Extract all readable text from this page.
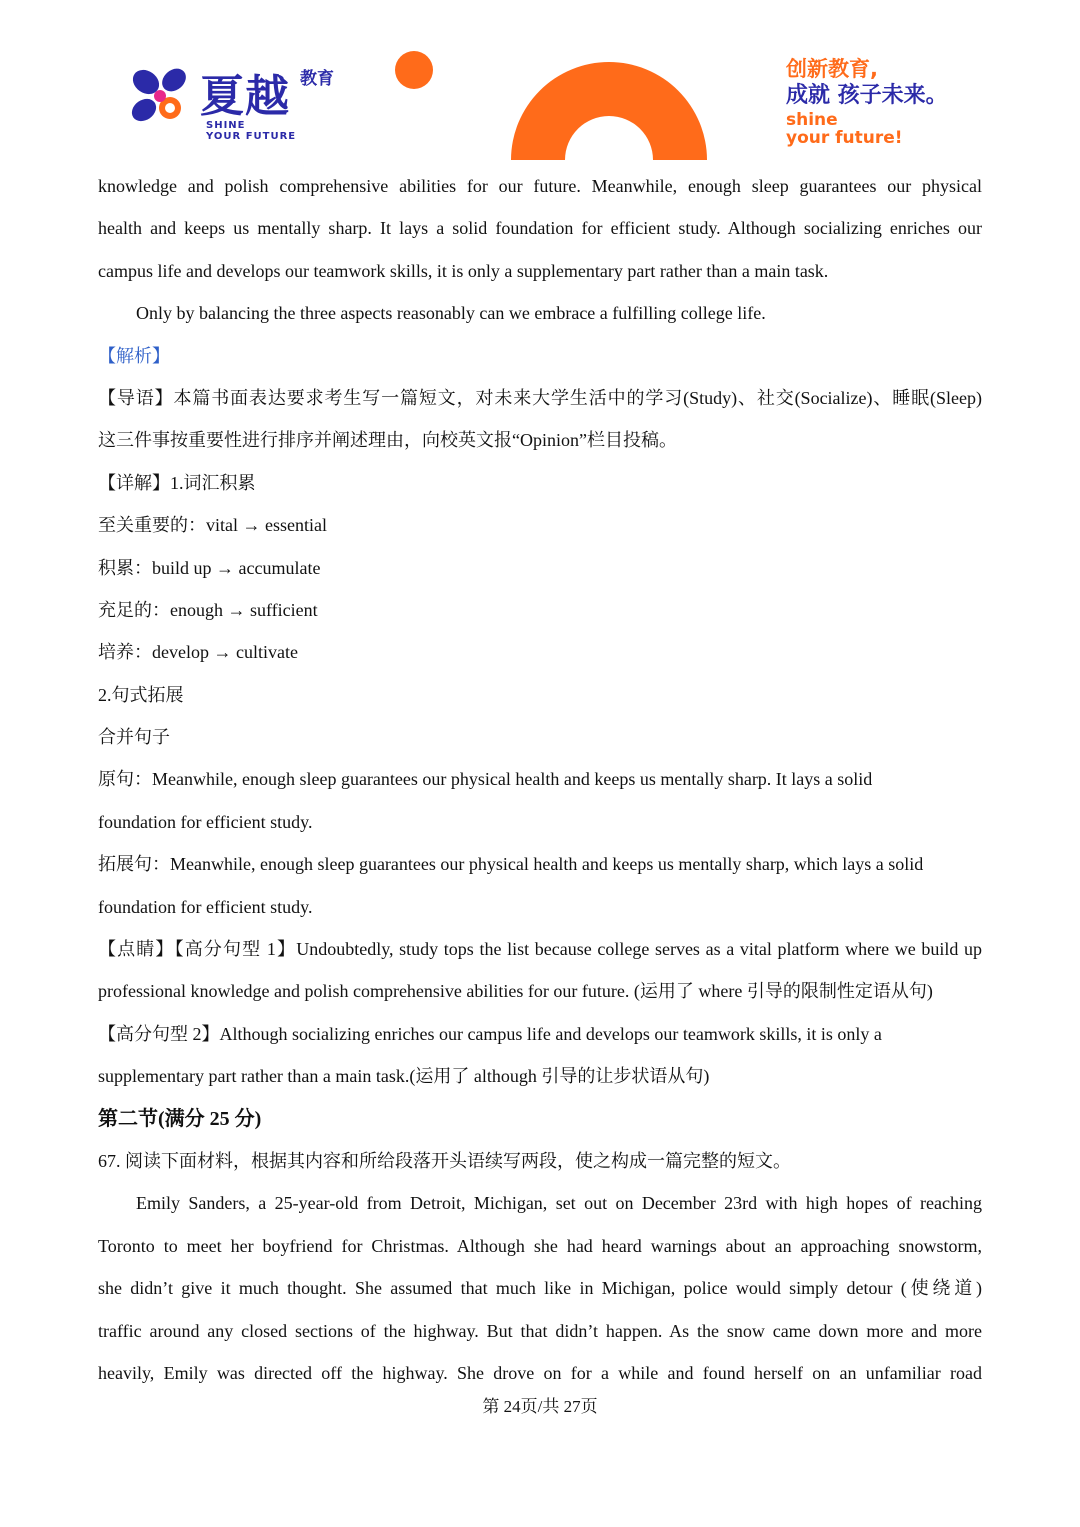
夏越 教育
SHINE
YOUR FUTURE
创新教育,
成就 孩子未来。
shine
your future!
knowledge and polish comprehensive abilities for our future. Meanwhile, enough sleep guarantees our physical
health and keeps us mentally sharp. It lays a solid foundation for efficient study. Although socializing enriches our
campus life and develops our teamwork skills, it is only a supplementary part rather than a main task.
Only by balancing the three aspects reasonably can we embrace a fulfilling college life.
【解析】
【导语】本篇书面表达要求考生写一篇短文，对未来大学生活中的学习(Study)、社交(Socialize)、睡眠(Sleep)
这三件事按重要性进行排序并阐述理由，向校英文报“Opinion”栏目投稿。
【详解】1.词汇积累
至关重要的：vital → essential
积累：build up → accumulate
充足的：enough → sufficient
培养：develop → cultivate
2.句式拓展
合并句子
原句：Meanwhile, enough sleep guarantees our physical health and keeps us mentally sharp. It lays a solid
foundation for efficient study.
拓展句：Meanwhile, enough sleep guarantees our physical health and keeps us mentally sharp, which lays a solid
foundation for efficient study.
【点睛】【高分句型 1】Undoubtedly, study tops the list because college serves as a vital platform where we build up
professional knowledge and polish comprehensive abilities for our future. (运用了 where 引导的限制性定语从句)
【高分句型 2】Although socializing enriches our campus life and develops our teamwork skills, it is only a
supplementary part rather than a main task.(运用了 although 引导的让步状语从句)
第二节(满分 25 分)
67. 阅读下面材料，根据其内容和所给段落开头语续写两段，使之构成一篇完整的短文。
Emily Sanders, a 25-year-old from Detroit, Michigan, set out on December 23rd with high hopes of reaching
Toronto to meet her boyfriend for Christmas. Although she had heard warnings about an approaching snowstorm,
she didn’t give it much thought. She assumed that much like in Michigan, police would simply detour (使绕道)
traffic around any closed sections of the highway. But that didn’t happen. As the snow came down more and more
heavily, Emily was directed off the highway. She drove on for a while and found herself on an unfamiliar road
第 24页/共 27页
